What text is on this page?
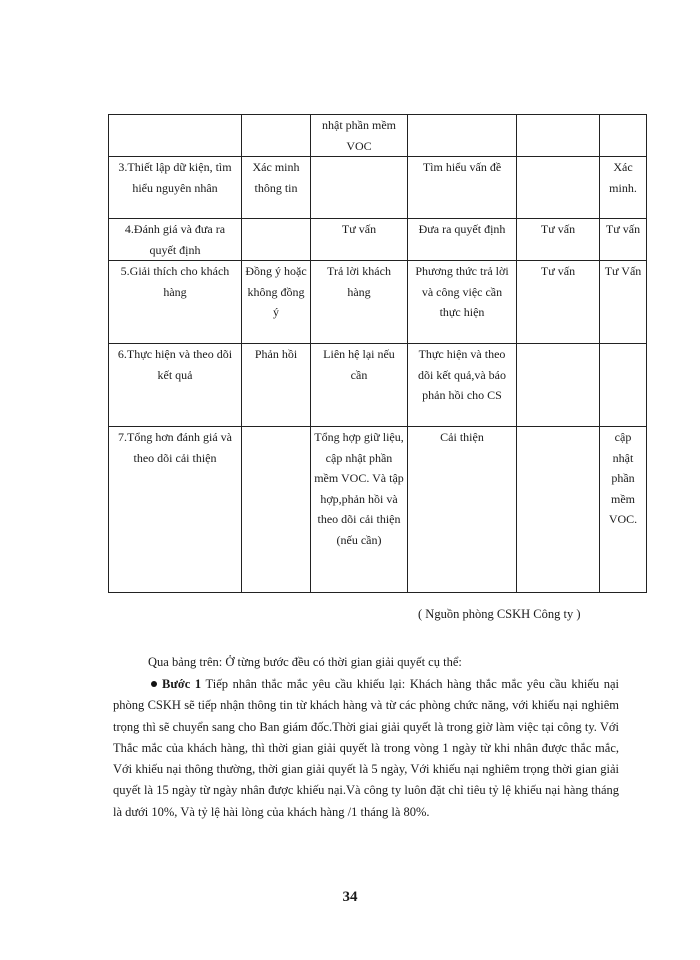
		nhật phần mềm VOC			
3.Thiết lập dữ kiện, tìm hiểu nguyên nhân	Xác minh thông tin		Tìm hiểu vấn đề		Xác minh.
4.Đánh giá và đưa ra quyết định		Tư vấn	Đưa ra quyết định	Tư vấn	Tư vấn
5.Giải thích cho khách hàng	Đồng ý hoặc không đồng ý	Trả lời khách hàng	Phương thức trả lời và công việc cần thực hiện	Tư vấn	Tư Vấn
6.Thực hiện và theo dõi kết quả	Phản hồi	Liên hệ lại nếu cần	Thực hiện và theo dõi kết quả,và báo phản hồi cho CS		
7.Tổng hơn đánh giá và theo dõi cải thiện		Tổng hợp giữ liệu, cập nhật phần mềm VOC. Và tập hợp,phản hồi và theo dõi cải thiện (nếu cần)	Cải thiện		cập nhật phần mềm VOC.
( Nguồn phòng CSKH Công ty )
Qua bảng trên: Ở từng bước đều có thời gian giải quyết cụ thể:
Bước 1 Tiếp nhân thắc mắc yêu cầu khiếu lại: Khách hàng thắc mắc yêu cầu khiếu nại phòng CSKH sẽ tiếp nhận thông tin từ khách hàng và từ các phòng chức năng, với khiếu nại nghiêm trọng thì sẽ chuyển sang cho Ban giám đốc.Thời giai giải quyết là trong giờ làm việc tại công ty. Với Thắc mắc của khách hàng, thì thời gian giải quyết là trong vòng 1 ngày từ khi nhân được thắc mắc, Với khiếu nại thông thường, thời gian giải quyết là 5 ngày, Với khiếu nại nghiêm trọng thời gian giải quyết là 15 ngày từ ngày nhân được khiếu nại.Và công ty luôn đặt chỉ tiêu tỷ lệ khiếu nại hàng tháng là dưới 10%, Và tỷ lệ hài lòng của khách hàng /1 tháng là 80%.
34
